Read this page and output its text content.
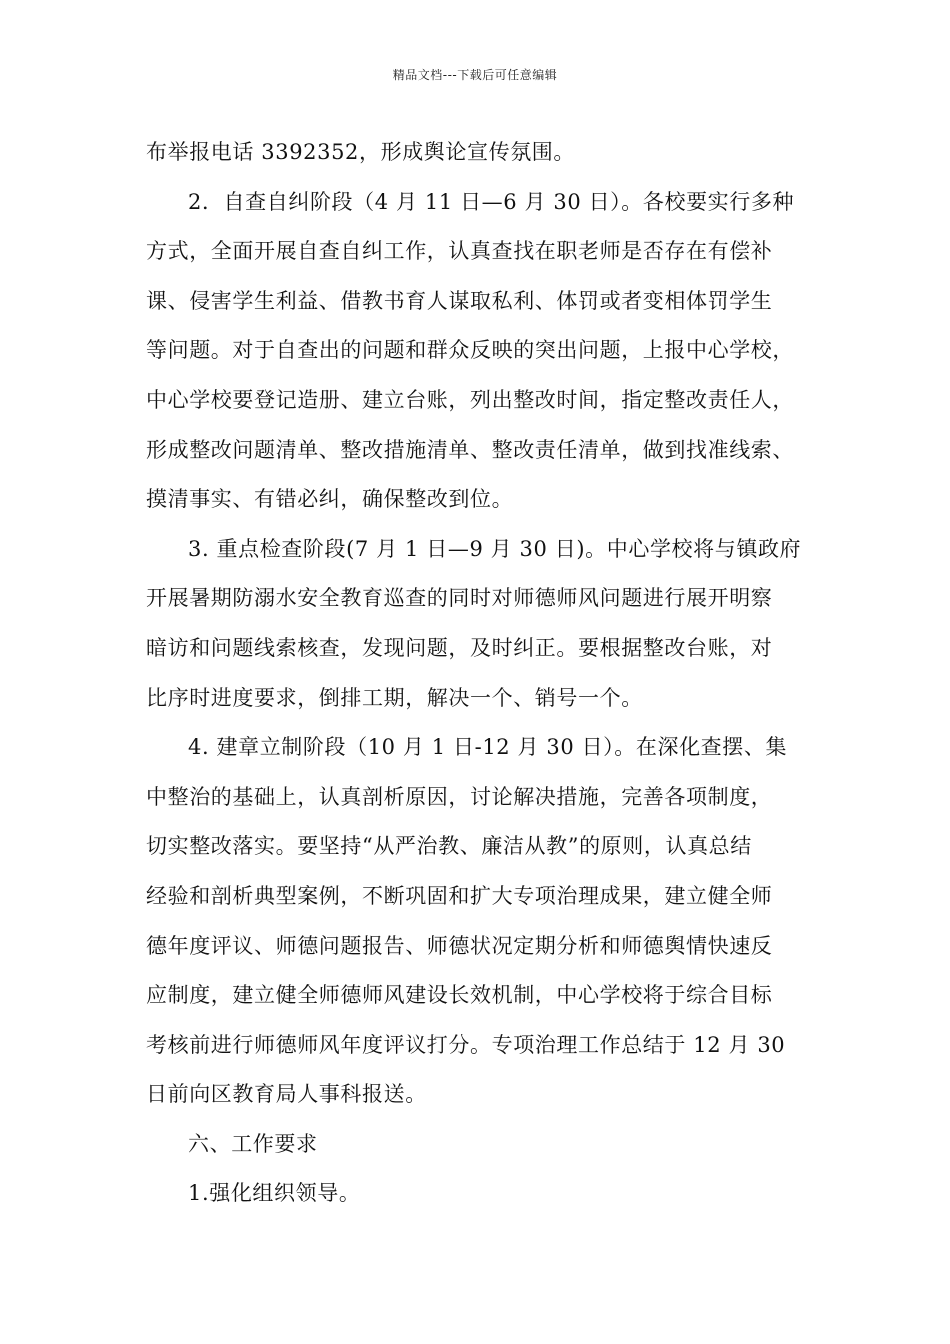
精品文档---下载后可任意编辑
布举报电话 3392352，形成舆论宣传氛围。
2．自查自纠阶段（4 月 11 日—6 月 30 日）。各校要实行多种
方式，全面开展自查自纠工作，认真查找在职老师是否存在有偿补
课、侵害学生利益、借教书育人谋取私利、体罚或者变相体罚学生
等问题。对于自查出的问题和群众反映的突出问题，上报中心学校，
中心学校要登记造册、建立台账，列出整改时间，指定整改责任人，
形成整改问题清单、整改措施清单、整改责任清单，做到找准线索、
摸清事实、有错必纠，确保整改到位。
3. 重点检查阶段(7 月 1 日—9 月 30 日)。中心学校将与镇政府
开展暑期防溺水安全教育巡查的同时对师德师风问题进行展开明察
暗访和问题线索核查，发现问题，及时纠正。要根据整改台账，对
比序时进度要求，倒排工期，解决一个、销号一个。
4. 建章立制阶段（10 月 1 日-12 月 30 日）。在深化查摆、集
中整治的基础上，认真剖析原因，讨论解决措施，完善各项制度，
切实整改落实。要坚持“从严治教、廉洁从教”的原则，认真总结
经验和剖析典型案例，不断巩固和扩大专项治理成果，建立健全师
德年度评议、师德问题报告、师德状况定期分析和师德舆情快速反
应制度，建立健全师德师风建设长效机制，中心学校将于综合目标
考核前进行师德师风年度评议打分。专项治理工作总结于 12 月 30
日前向区教育局人事科报送。
六、工作要求
1.强化组织领导。
